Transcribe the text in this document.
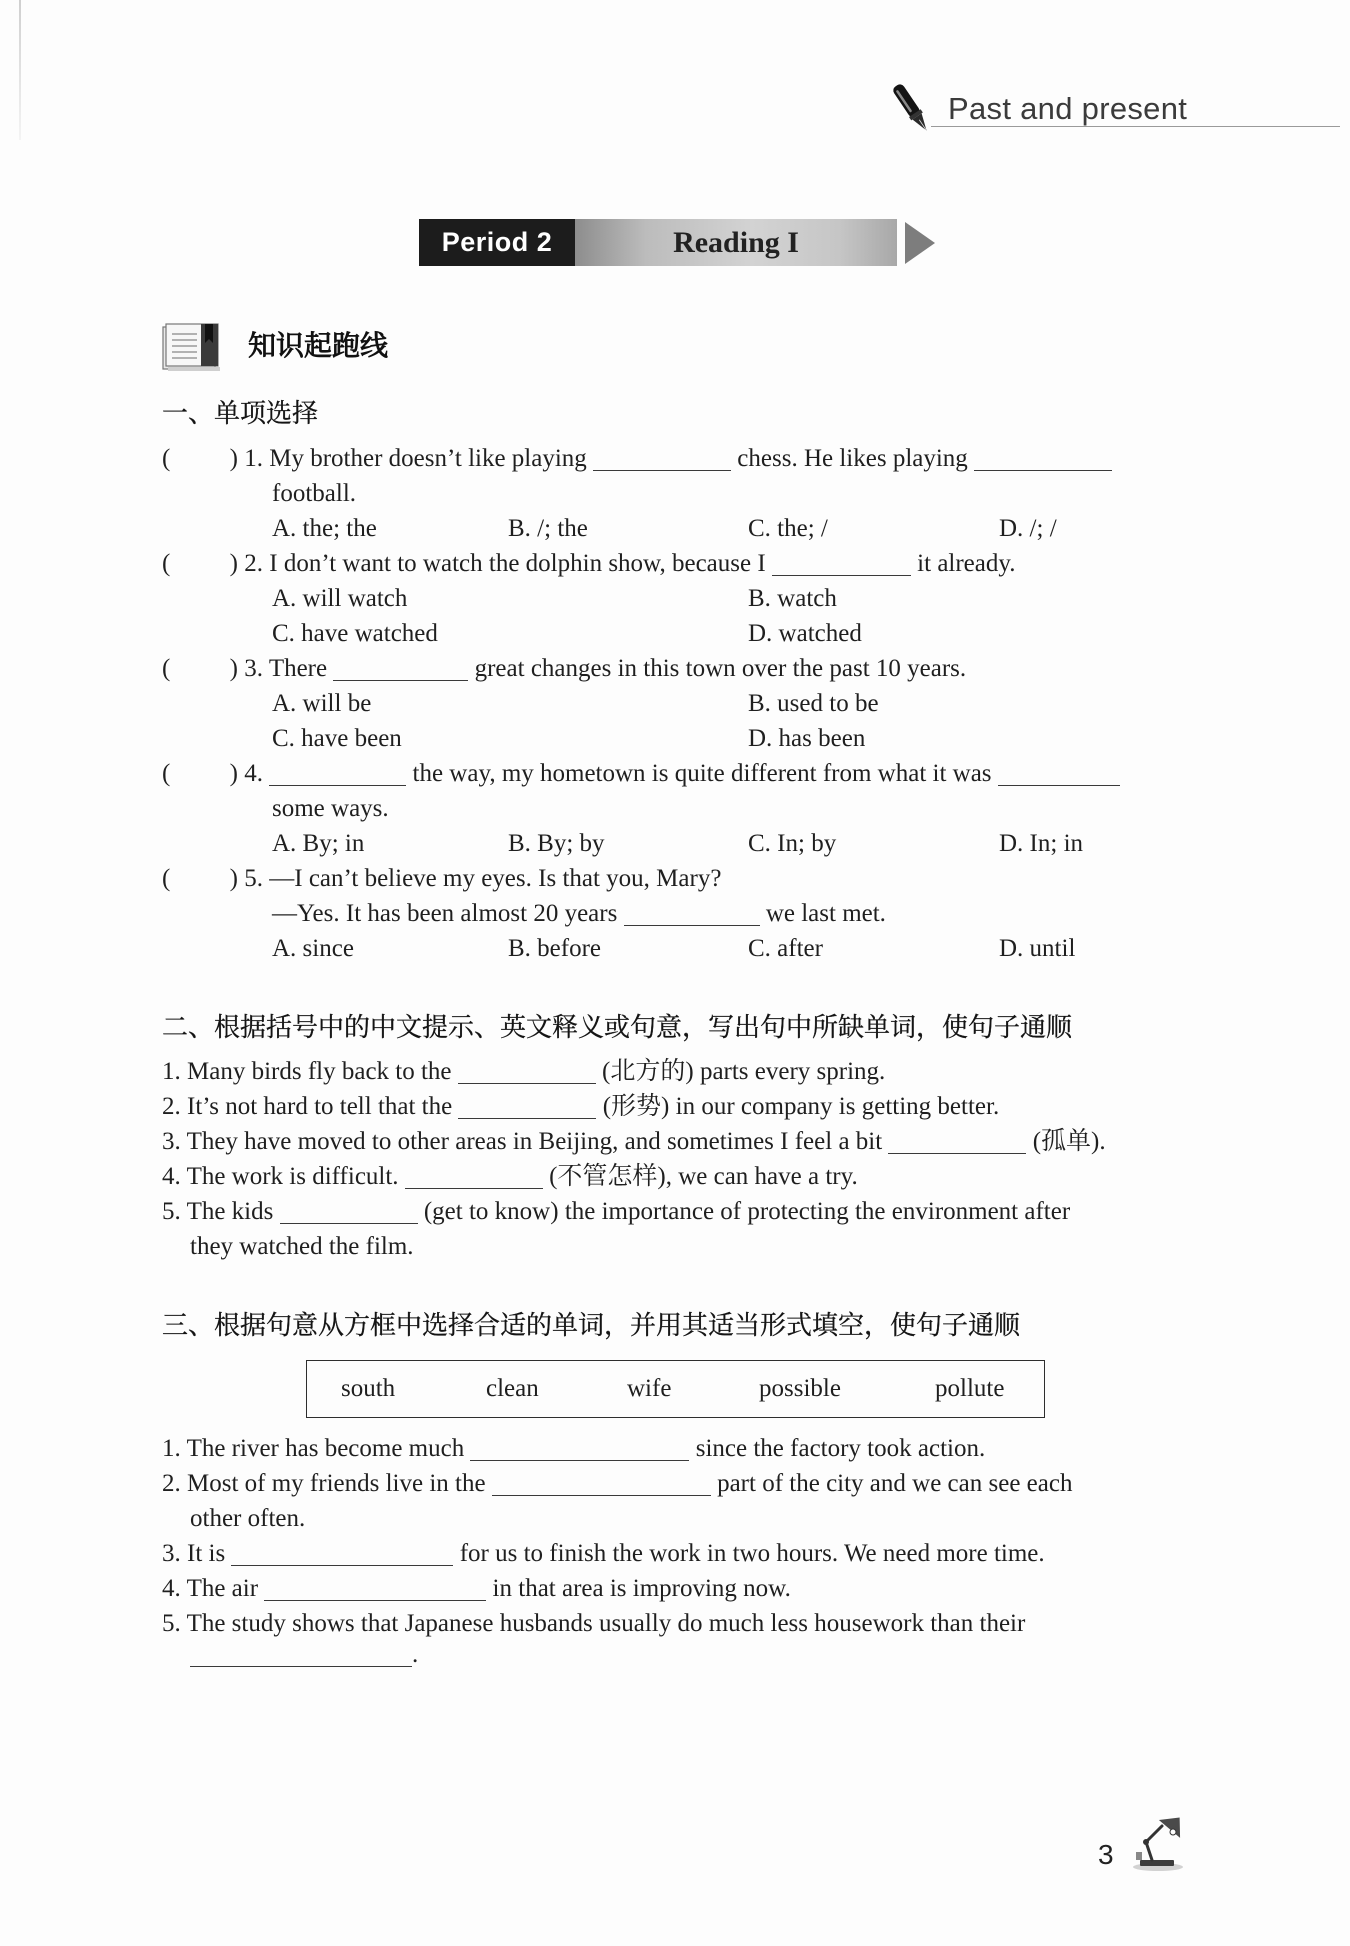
Past and present
Period 2	Reading I
知识起跑线
一、单项选择
( ) 1. My brother doesn’t like playing	chess. He likes playing
football.
A. the; the	B. /; the	C. the; /	D. /; /
( ) 2. I don’t want to watch the dolphin show, because I	it already.
A. will watch	B. watch
C. have watched	D. watched
( ) 3. There	great changes in this town over the past 10 years.
A. will be	B. used to be
C. have been	D. has been
( ) 4.	the way, my hometown is quite different from what it was
some ways.
A. By; in	B. By; by	C. In; by	D. In; in
( ) 5. —I can’t believe my eyes. Is that you, Mary?
—Yes. It has been almost 20 years	we last met.
A. since	B. before	C. after	D. until
二、根据括号中的中文提示、英文释义或句意，写出句中所缺单词，使句子通顺
1. Many birds fly back to the	(北方的) parts every spring.
2. It’s not hard to tell that the	(形势) in our company is getting better.
3. They have moved to other areas in Beijing, and sometimes I feel a bit	(孤单).
4. The work is difficult.	(不管怎样), we can have a try.
5. The kids	(get to know) the importance of protecting the environment after
they watched the film.
三、根据句意从方框中选择合适的单词，并用其适当形式填空，使句子通顺
south	clean	wife	possible	pollute
1. The river has become much	since the factory took action.
2. Most of my friends live in the	part of the city and we can see each
other often.
3. It is	for us to finish the work in two hours. We need more time.
4. The air	in that area is improving now.
5. The study shows that Japanese husbands usually do much less housework than their
.
3
